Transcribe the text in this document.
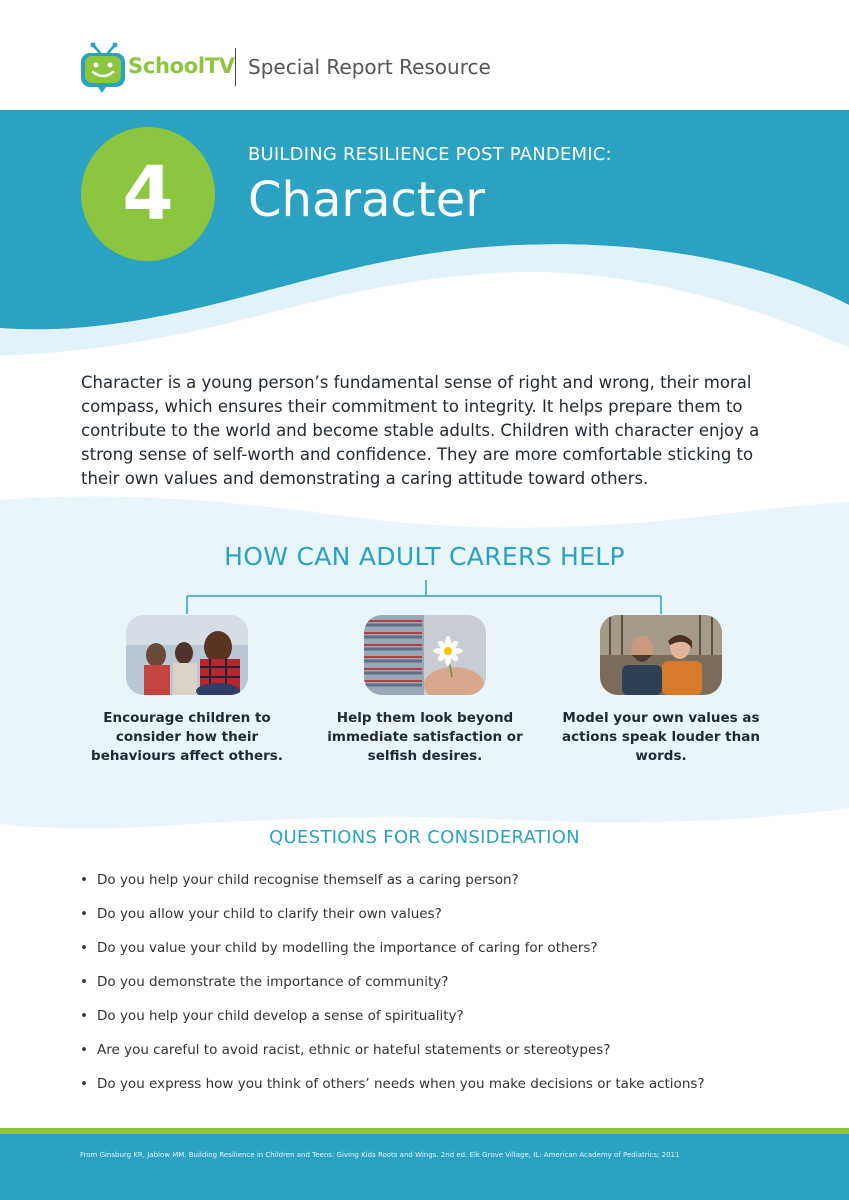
SchoolTV Special Report Resource
4	BUILDING RESILIENCE POST PANDEMIC:
Character

Character is a young person’s fundamental sense of right and wrong, their moral compass, which ensures their commitment to integrity. It helps prepare them to contribute to the world and become stable adults. Children with character enjoy a strong sense of self-worth and confidence. They are more comfortable sticking to their own values and demonstrating a caring attitude toward others.

HOW CAN ADULT CARERS HELP
Encourage children to consider how their behaviours affect others.
Help them look beyond immediate satisfaction or selfish desires.
Model your own values as actions speak louder than words.
QUESTIONS FOR CONSIDERATION
• Do you help your child recognise themself as a caring person?
• Do you allow your child to clarify their own values?
• Do you value your child by modelling the importance of caring for others?
• Do you demonstrate the importance of community?
• Do you help your child develop a sense of spirituality?
• Are you careful to avoid racist, ethnic or hateful statements or stereotypes?
• Do you express how you think of others’ needs when you make decisions or take actions?
From Ginsburg KR, Jablow MM. Building Resilience in Children and Teens: Giving Kids Roots and Wings. 2nd ed. Elk Grove Village, IL: American Academy of Pediatrics; 2011
